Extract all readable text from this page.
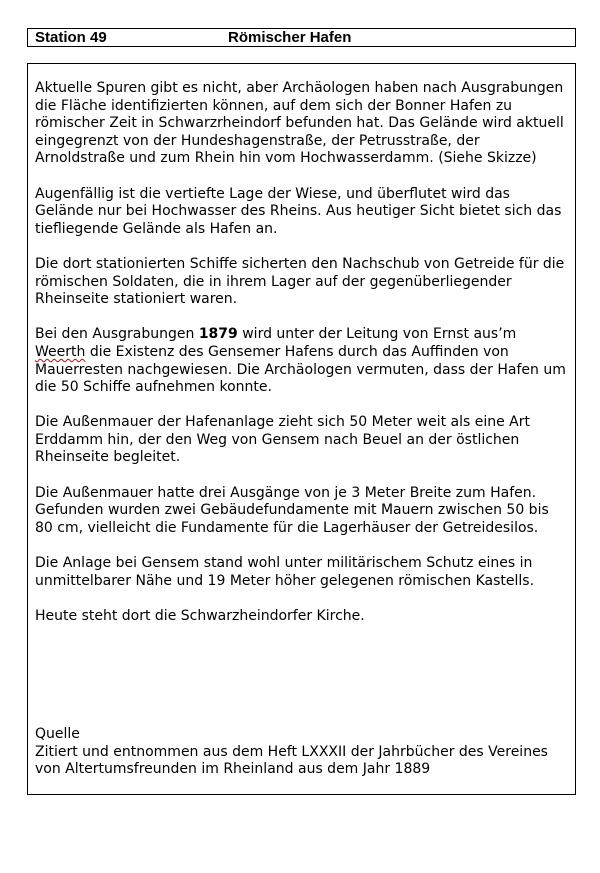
Station 49	Römischer Hafen

Aktuelle Spuren gibt es nicht, aber Archäologen haben nach Ausgrabungen die Fläche identifizierten können, auf dem sich der Bonner Hafen zu römischer Zeit in Schwarzrheindorf befunden hat. Das Gelände wird aktuell eingegrenzt von der Hundeshagenstraße, der Petrusstraße, der Arnoldstraße und zum Rhein hin vom Hochwasserdamm. (Siehe Skizze)

Augenfällig ist die vertiefte Lage der Wiese, und überflutet wird das Gelände nur bei Hochwasser des Rheins. Aus heutiger Sicht bietet sich das tiefliegende Gelände als Hafen an.

Die dort stationierten Schiffe sicherten den Nachschub von Getreide für die römischen Soldaten, die in ihrem Lager auf der gegenüberliegender Rheinseite stationiert waren.

Bei den Ausgrabungen 1879 wird unter der Leitung von Ernst aus’m Weerth die Existenz des Gensemer Hafens durch das Auffinden von Mauerresten nachgewiesen. Die Archäologen vermuten, dass der Hafen um die 50 Schiffe aufnehmen konnte.

Die Außenmauer der Hafenanlage zieht sich 50 Meter weit als eine Art Erddamm hin, der den Weg von Gensem nach Beuel an der östlichen Rheinseite begleitet.

Die Außenmauer hatte drei Ausgänge von je 3 Meter Breite zum Hafen. Gefunden wurden zwei Gebäudefundamente mit Mauern zwischen 50 bis 80 cm, vielleicht die Fundamente für die Lagerhäuser der Getreidesilos.

Die Anlage bei Gensem stand wohl unter militärischem Schutz eines in unmittelbarer Nähe und 19 Meter höher gelegenen römischen Kastells.

Heute steht dort die Schwarzheindorfer Kirche.

Quelle

Zitiert und entnommen aus dem Heft LXXXII der Jahrbücher des Vereines von Altertumsfreunden im Rheinland aus dem Jahr 1889
